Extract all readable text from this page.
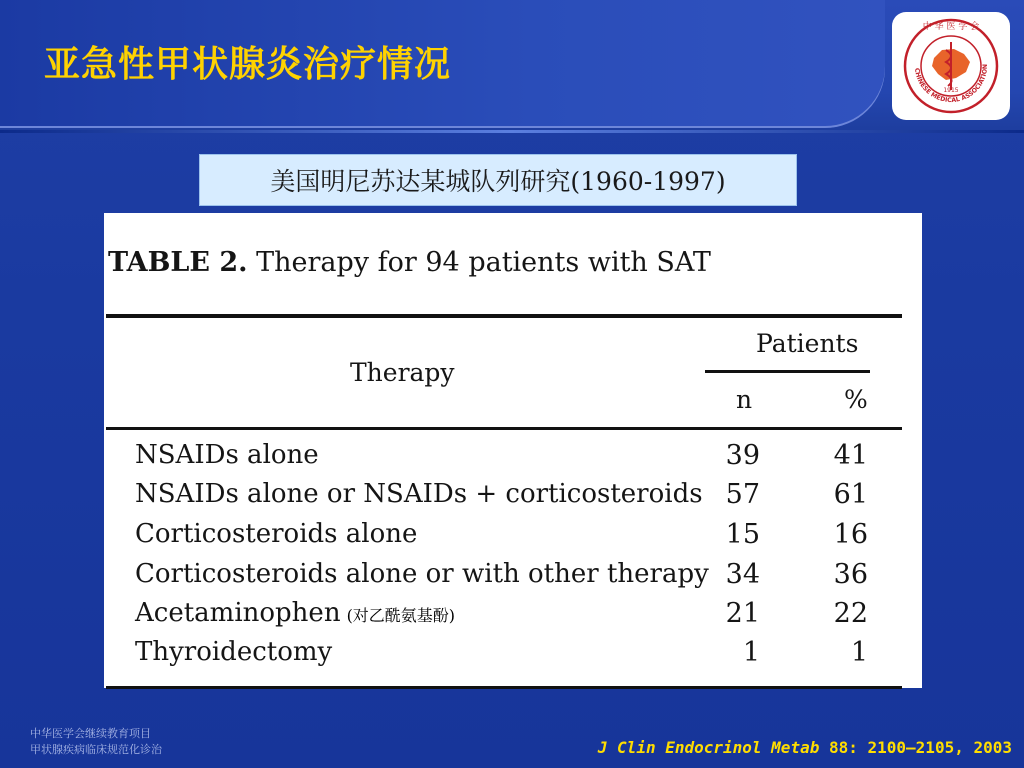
亚急性甲状腺炎治疗情况
中 华 医 学 会
CHINESE MEDICAL ASSOCIATION
1915
美国明尼苏达某城队列研究(1960-1997)

TABLE 2. Therapy for 94 patients with SAT

Therapy
Patients
n	%
NSAIDs alone	39	41
NSAIDs alone or NSAIDs + corticosteroids 57	61
Corticosteroids alone	15	16
Corticosteroids alone or with other therapy 34	36
Acetaminophen (对乙酰氨基酚)	21	22
Thyroidectomy	1	1
中华医学会继续教育项目
甲状腺疾病临床规范化诊治	J Clin Endocrinol Metab 88: 2100–2105, 2003
